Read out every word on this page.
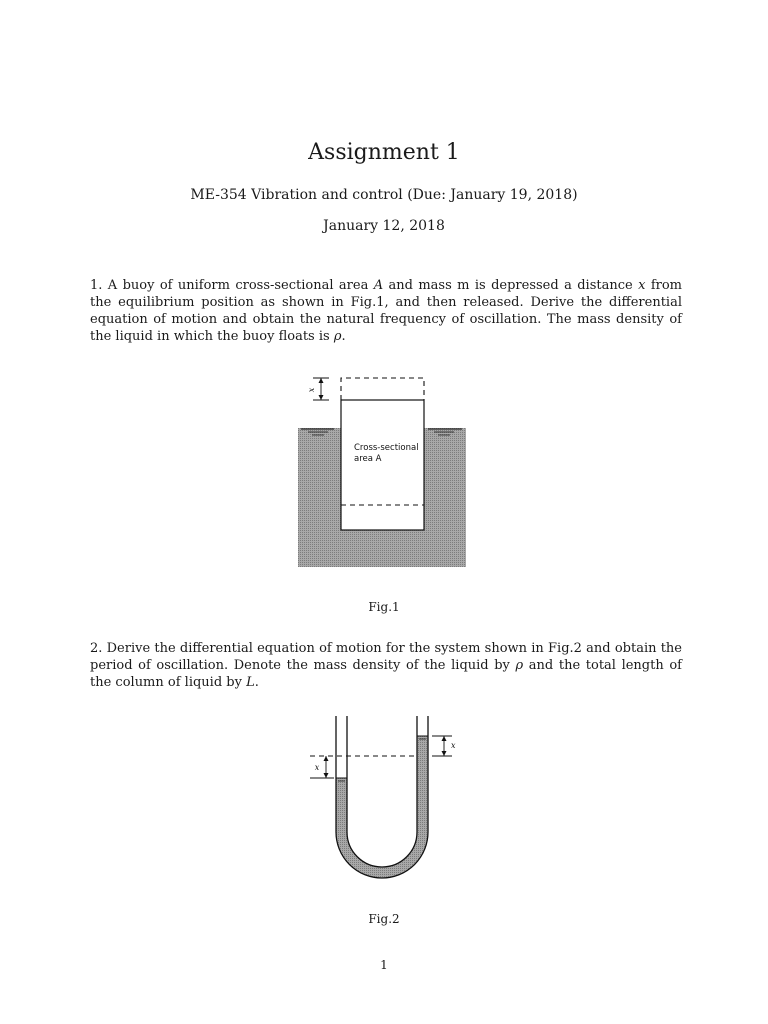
Assignment 1
ME-354 Vibration and control (Due: January 19, 2018)
January 12, 2018

1. A buoy of uniform cross-sectional area A and mass m is depressed a distance x from the equilibrium position as shown in Fig.1, and then released. Derive the differential equation of motion and obtain the natural frequency of oscillation. The mass density of the liquid in which the buoy floats is ρ.

x
Cross-sectional
area A
Fig.1

2. Derive the differential equation of motion for the system shown in Fig.2 and obtain the period of oscillation. Denote the mass density of the liquid by ρ and the total length of the column of liquid by L.

x
x
Fig.2
1
